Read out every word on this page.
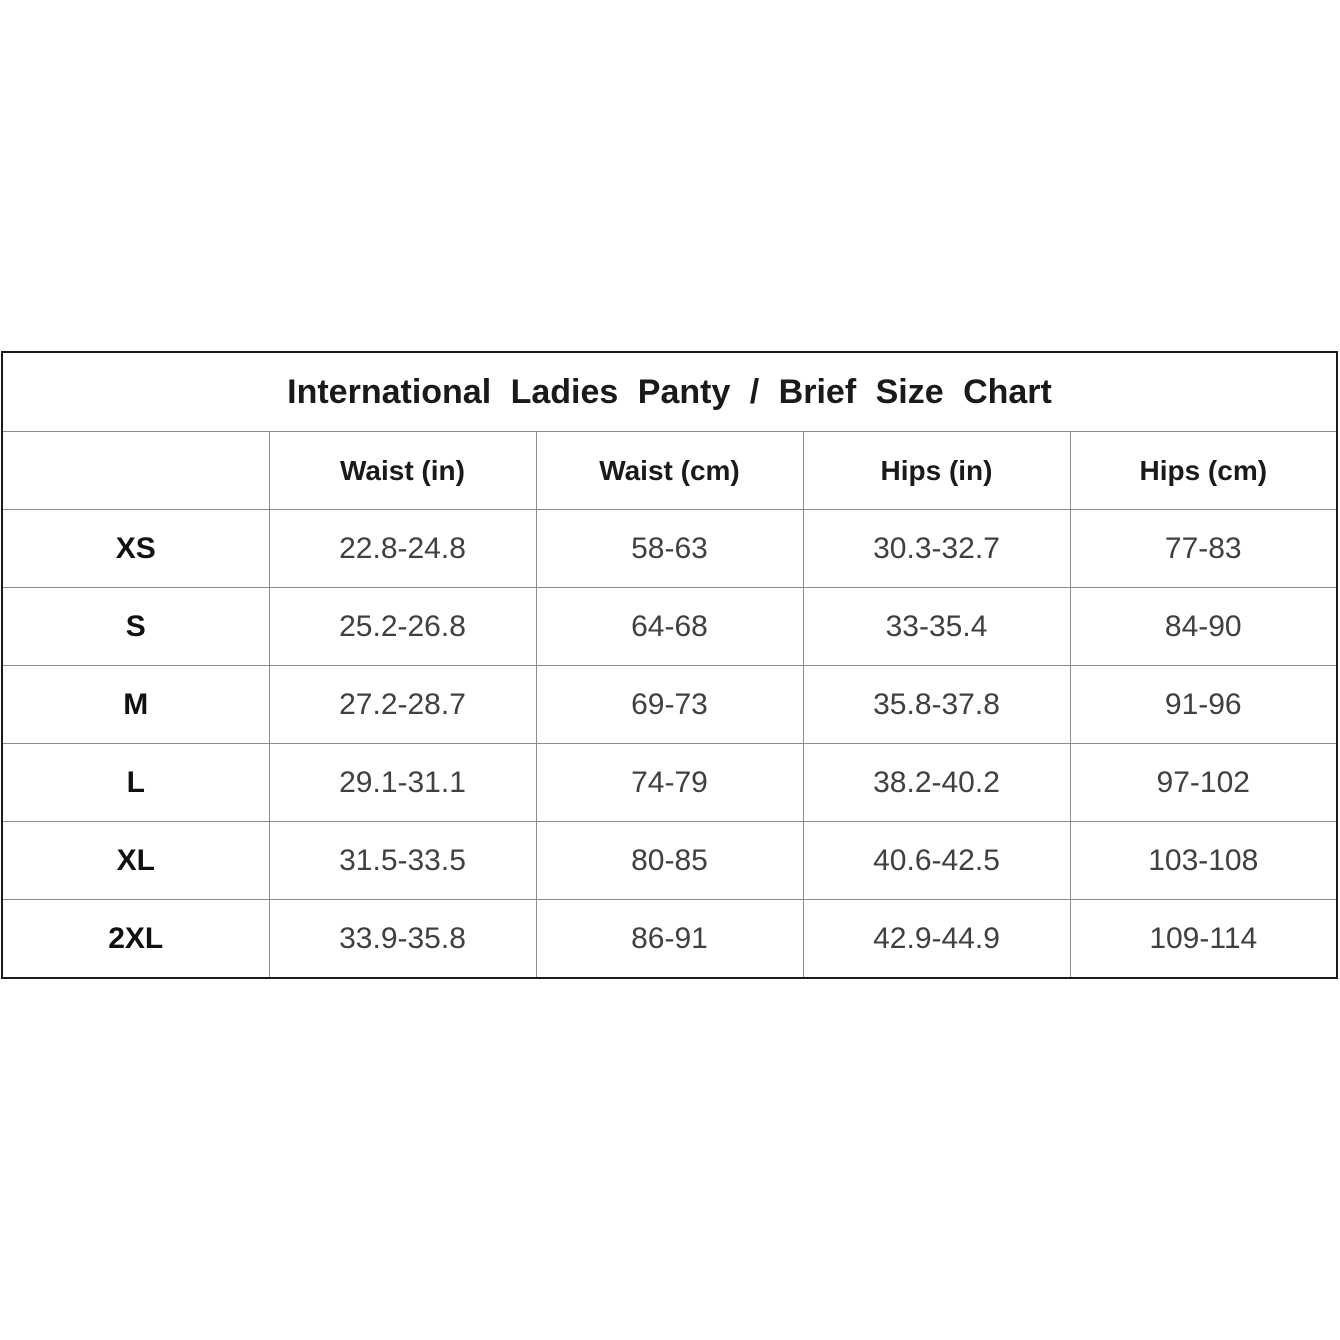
International Ladies Panty / Brief Size Chart				
	Waist (in)	Waist (cm)	Hips (in)	Hips (cm)
XS	22.8-24.8	58-63	30.3-32.7	77-83
S	25.2-26.8	64-68	33-35.4	84-90
M	27.2-28.7	69-73	35.8-37.8	91-96
L	29.1-31.1	74-79	38.2-40.2	97-102
XL	31.5-33.5	80-85	40.6-42.5	103-108
2XL	33.9-35.8	86-91	42.9-44.9	109-114
